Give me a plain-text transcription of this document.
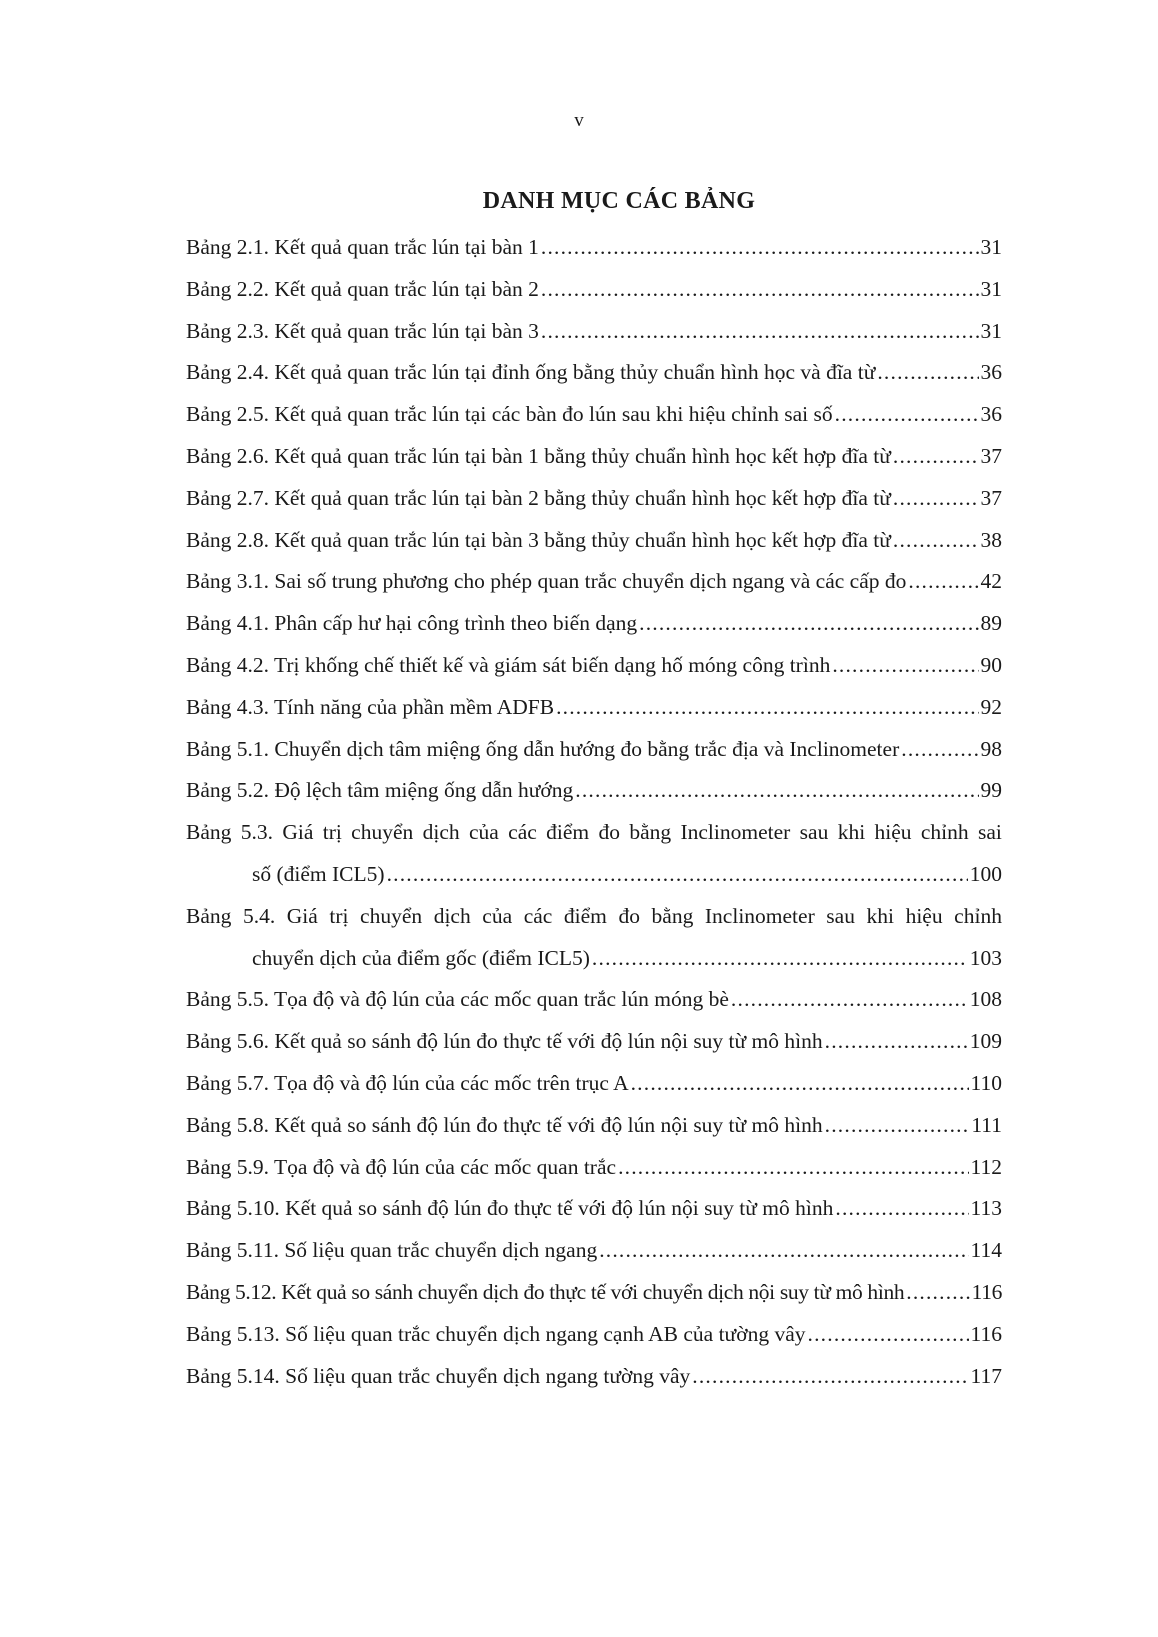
v
DANH MỤC CÁC BẢNG
Bảng 2.1. Kết quả quan trắc lún tại bàn 1 .....	31
Bảng 2.2. Kết quả quan trắc lún tại bàn 2 .....	31
Bảng 2.3. Kết quả quan trắc lún tại bàn 3 .....	31
Bảng 2.4. Kết quả quan trắc lún tại đỉnh ống bằng thủy chuẩn hình học và đĩa từ .....	36
Bảng 2.5. Kết quả quan trắc lún tại các bàn đo lún sau khi hiệu chỉnh sai số .....	36
Bảng 2.6. Kết quả quan trắc lún tại bàn 1 bằng thủy chuẩn hình học kết hợp đĩa từ .....	37
Bảng 2.7. Kết quả quan trắc lún tại bàn 2 bằng thủy chuẩn hình học kết hợp đĩa từ .....	37
Bảng 2.8. Kết quả quan trắc lún tại bàn 3 bằng thủy chuẩn hình học kết hợp đĩa từ .....	38
Bảng 3.1. Sai số trung phương cho phép quan trắc chuyển dịch ngang và các cấp đo .....	42
Bảng 4.1. Phân cấp hư hại công trình theo biến dạng .....	89
Bảng 4.2. Trị khống chế thiết kế và giám sát biến dạng hố móng công trình .....	90
Bảng 4.3. Tính năng của phần mềm ADFB .....	92
Bảng 5.1. Chuyển dịch tâm miệng ống dẫn hướng đo bằng trắc địa và Inclinometer .....	98
Bảng 5.2. Độ lệch tâm miệng ống dẫn hướng .....	99
Bảng 5.3. Giá trị chuyển dịch của các điểm đo bằng Inclinometer sau khi hiệu chỉnh sai
số (điểm ICL5) .....	100
Bảng 5.4. Giá trị chuyển dịch của các điểm đo bằng Inclinometer sau khi hiệu chỉnh
chuyển dịch của điểm gốc (điểm ICL5) .....	103
Bảng 5.5. Tọa độ và độ lún của các mốc quan trắc lún móng bè .....	108
Bảng 5.6. Kết quả so sánh độ lún đo thực tế với độ lún nội suy từ mô hình .....	109
Bảng 5.7. Tọa độ và độ lún của các mốc trên trục A .....	110
Bảng 5.8. Kết quả so sánh độ lún đo thực tế với độ lún nội suy từ mô hình .....	111
Bảng 5.9. Tọa độ và độ lún của các mốc quan trắc .....	112
Bảng 5.10. Kết quả so sánh độ lún đo thực tế với độ lún nội suy từ mô hình .....	113
Bảng 5.11. Số liệu quan trắc chuyển dịch ngang .....	114
Bảng 5.12. Kết quả so sánh chuyển dịch đo thực tế với chuyển dịch nội suy từ mô hình .....	116
Bảng 5.13. Số liệu quan trắc chuyển dịch ngang cạnh AB của tường vây .....	116
Bảng 5.14. Số liệu quan trắc chuyển dịch ngang tường vây .....	117
